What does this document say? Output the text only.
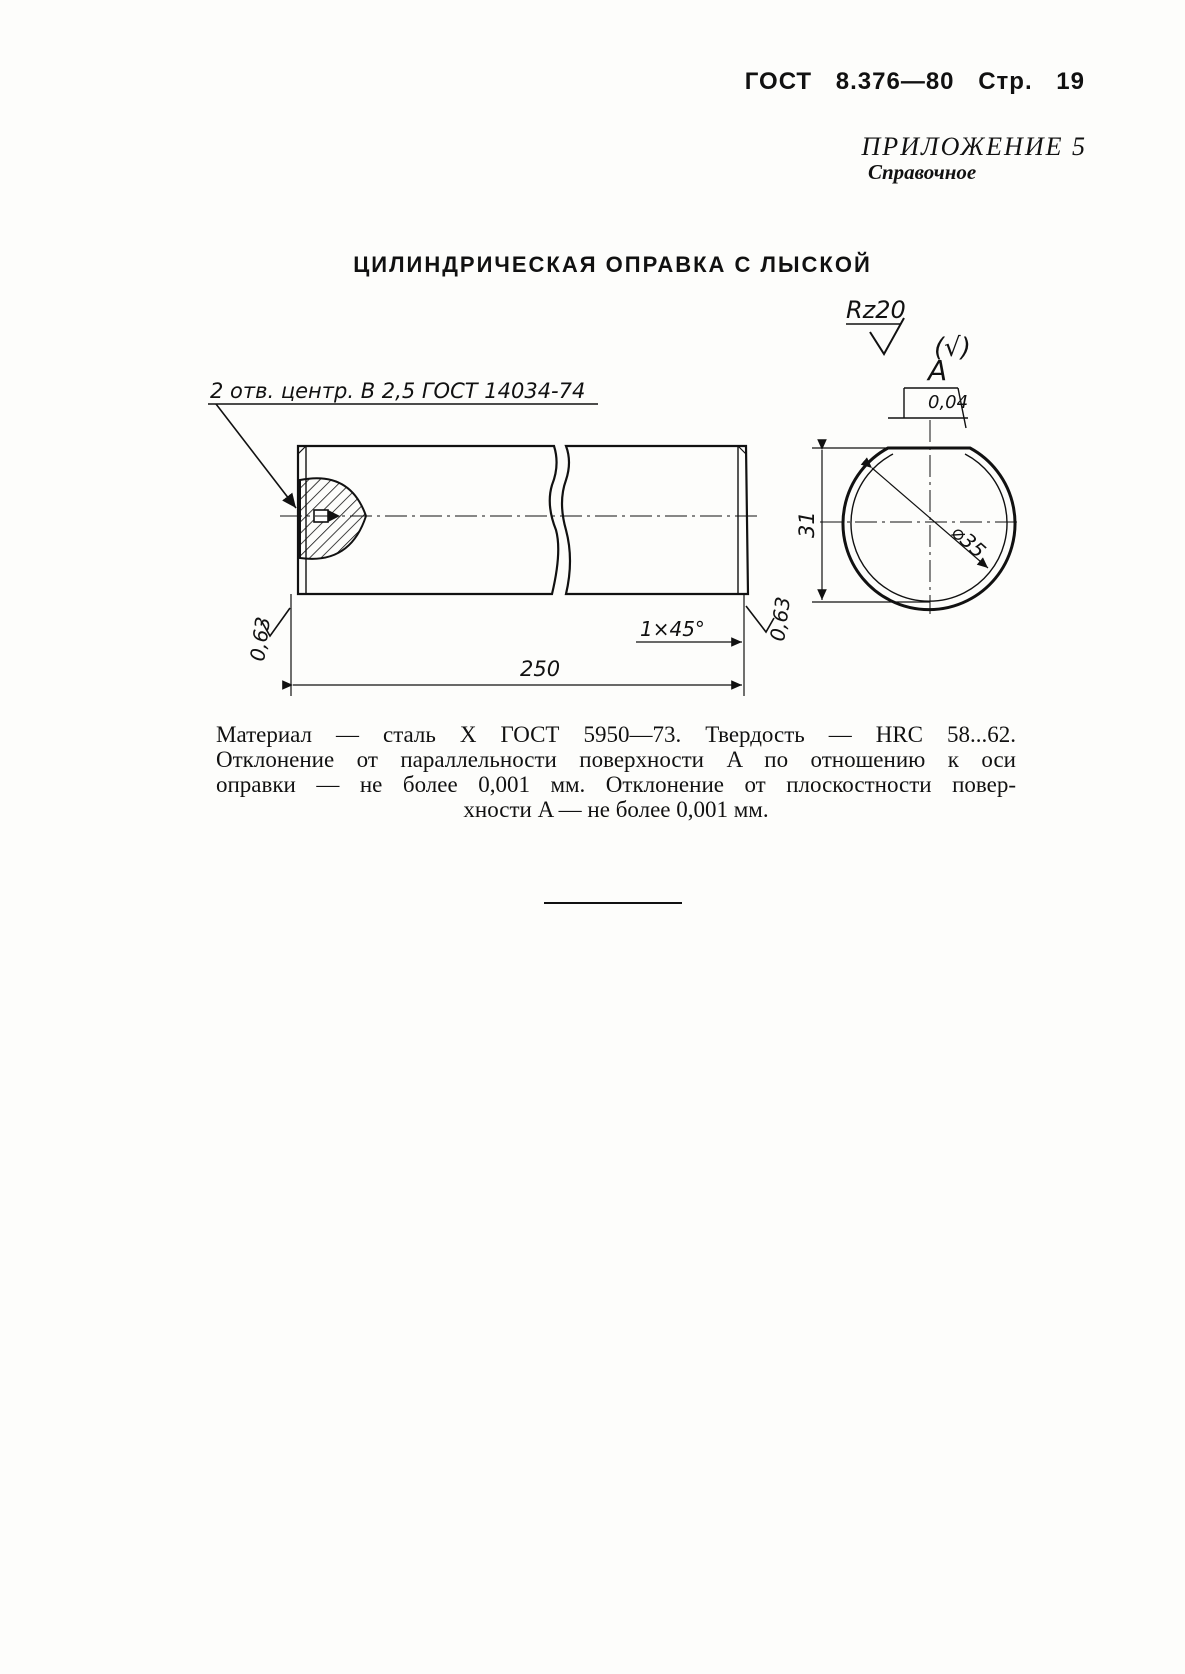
ГОСТ 8.376—80 Стр. 19
ПРИЛОЖЕНИЕ 5
Справочное
ЦИЛИНДРИЧЕСКАЯ ОПРАВКА С ЛЫСКОЙ
2 отв. центр. В 2,5 ГОСТ 14034-74
250
1×45°
0,63	0,63
Rz20
(√)
A
0,04
⌀35
31
Материал — сталь Х ГОСТ 5950—73. Твердость — HRC 58...62.
Отклонение от параллельности поверхности A по отношению к оси
оправки — не более 0,001 мм. Отклонение от плоскостности повер-
хности A — не более 0,001 мм.
